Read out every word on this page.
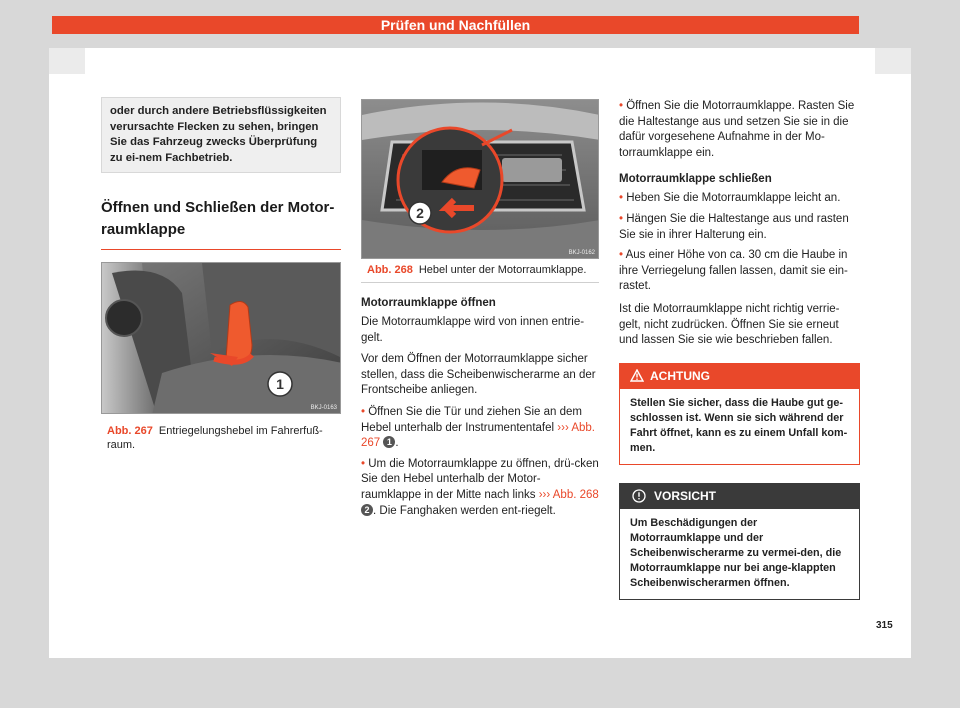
Prüfen und Nachfüllen
oder durch andere Betriebsflüssigkeiten verursachte Flecken zu sehen, bringen Sie das Fahrzeug zwecks Überprüfung zu ei-nem Fachbetrieb.
Öffnen und Schließen der Motor-
raumklappe
1
BKJ-0163
Abb. 267 Entriegelungshebel im Fahrerfuß-raum.
2
BKJ-0162
Abb. 268 Hebel unter der Motorraumklappe.
Motorraumklappe öffnen
Die Motorraumklappe wird von innen entrie-gelt.
Vor dem Öffnen der Motorraumklappe sicher stellen, dass die Scheibenwischerarme an der Frontscheibe anliegen.
• Öffnen Sie die Tür und ziehen Sie an dem Hebel unterhalb der Instrumententafel ››› Abb. 267 1 .
• Um die Motorraumklappe zu öffnen, drü-cken Sie den Hebel unterhalb der Motor-raumklappe in der Mitte nach links ››› Abb. 268 2 . Die Fanghaken werden ent-riegelt.
• Öffnen Sie die Motorraumklappe. Rasten Sie die Haltestange aus und setzen Sie sie in die dafür vorgesehene Aufnahme in der Mo-torraumklappe ein.
Motorraumklappe schließen
• Heben Sie die Motorraumklappe leicht an.
• Hängen Sie die Haltestange aus und rasten Sie sie in ihrer Halterung ein.
• Aus einer Höhe von ca. 30 cm die Haube in ihre Verriegelung fallen lassen, damit sie ein-rastet.
Ist die Motorraumklappe nicht richtig verrie-gelt, nicht zudrücken. Öffnen Sie sie erneut und lassen Sie sie wie beschrieben fallen.
ACHTUNG
Stellen Sie sicher, dass die Haube gut ge-schlossen ist. Wenn sie sich während der Fahrt öffnet, kann es zu einem Unfall kom-men.
VORSICHT
Um Beschädigungen der Motorraumklappe und der Scheibenwischerarme zu vermei-den, die Motorraumklappe nur bei ange-klappten Scheibenwischerarmen öffnen.
315
